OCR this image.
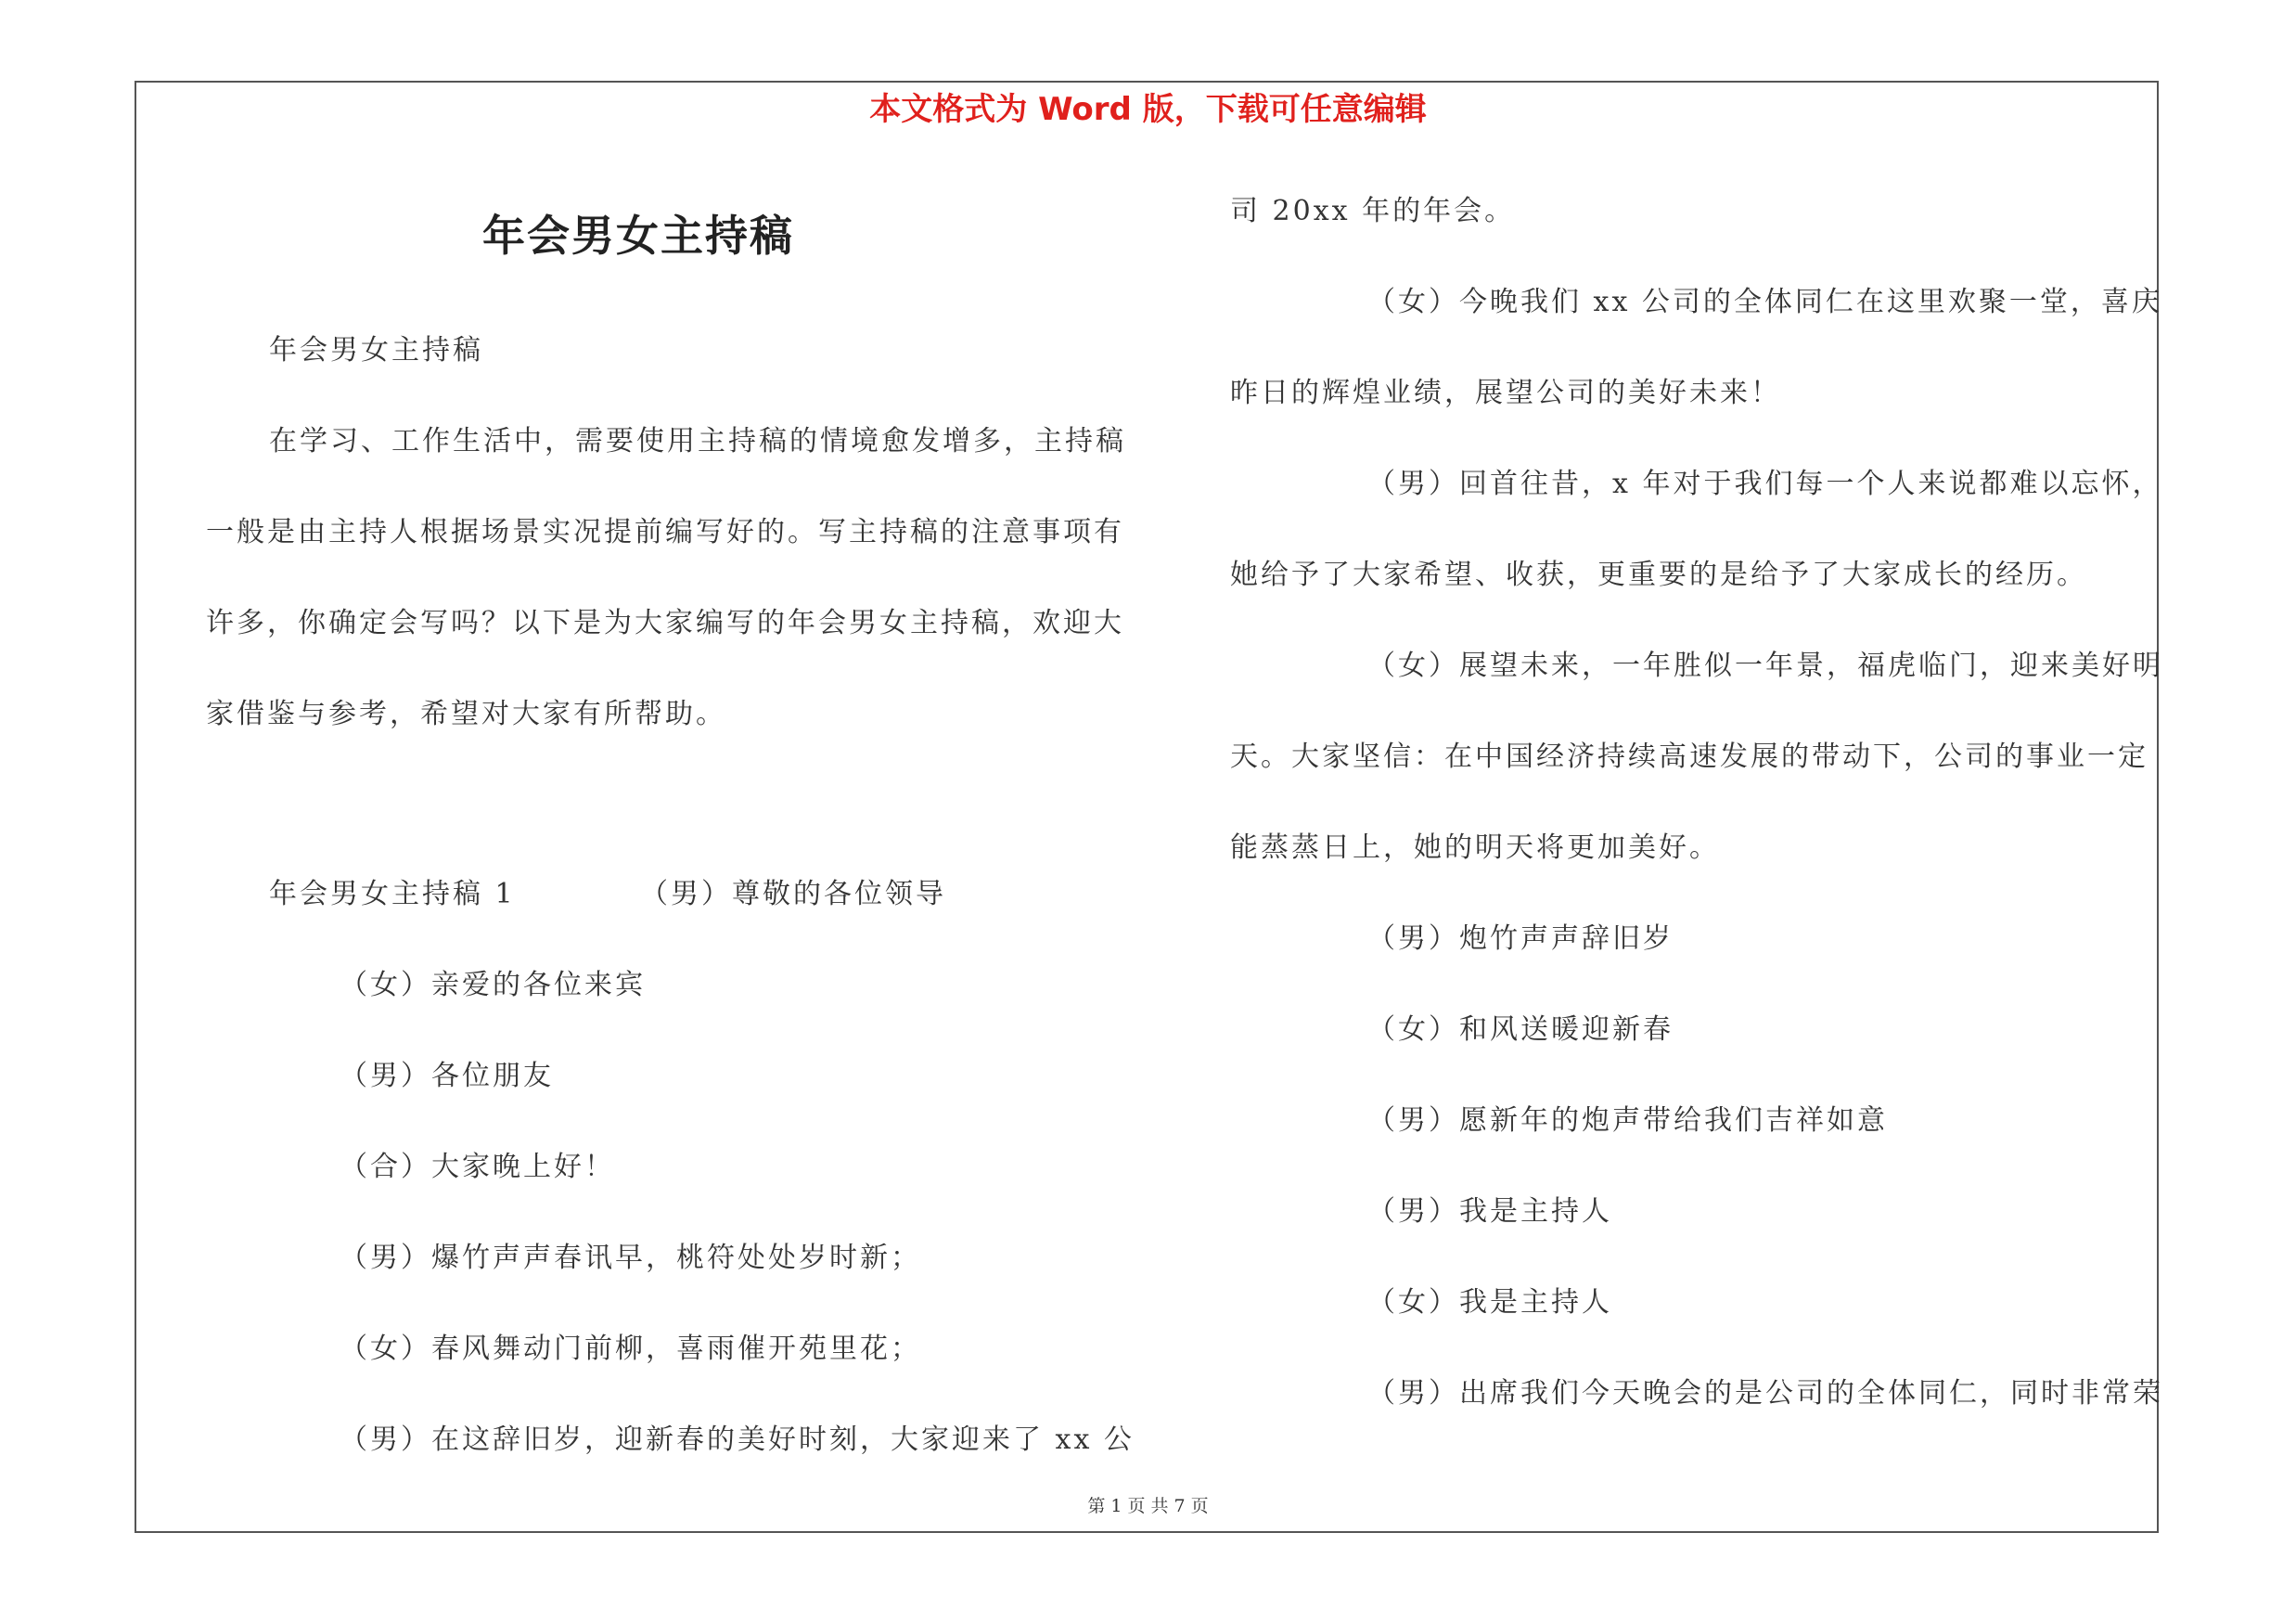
本文格式为 Word 版，下载可任意编辑
年会男女主持稿
年会男女主持稿
在学习、工作生活中，需要使用主持稿的情境愈发增多，主持稿
一般是由主持人根据场景实况提前编写好的。写主持稿的注意事项有
许多，你确定会写吗？以下是为大家编写的年会男女主持稿，欢迎大
家借鉴与参考，希望对大家有所帮助。
年会男女主持稿 1	（男）尊敬的各位领导
（女）亲爱的各位来宾
（男）各位朋友
（合）大家晚上好！
（男）爆竹声声春讯早，桃符处处岁时新；
（女）春风舞动门前柳，喜雨催开苑里花；
（男）在这辞旧岁，迎新春的美好时刻，大家迎来了 xx 公
司 20xx 年的年会。
（女）今晚我们 xx 公司的全体同仁在这里欢聚一堂，喜庆
昨日的辉煌业绩，展望公司的美好未来！
（男）回首往昔，x 年对于我们每一个人来说都难以忘怀，
她给予了大家希望、收获，更重要的是给予了大家成长的经历。
（女）展望未来，一年胜似一年景，福虎临门，迎来美好明
天。大家坚信：在中国经济持续高速发展的带动下，公司的事业一定
能蒸蒸日上，她的明天将更加美好。
（男）炮竹声声辞旧岁
（女）和风送暖迎新春
（男）愿新年的炮声带给我们吉祥如意
（男）我是主持人
（女）我是主持人
（男）出席我们今天晚会的是公司的全体同仁，同时非常荣
第 1 页 共 7 页
